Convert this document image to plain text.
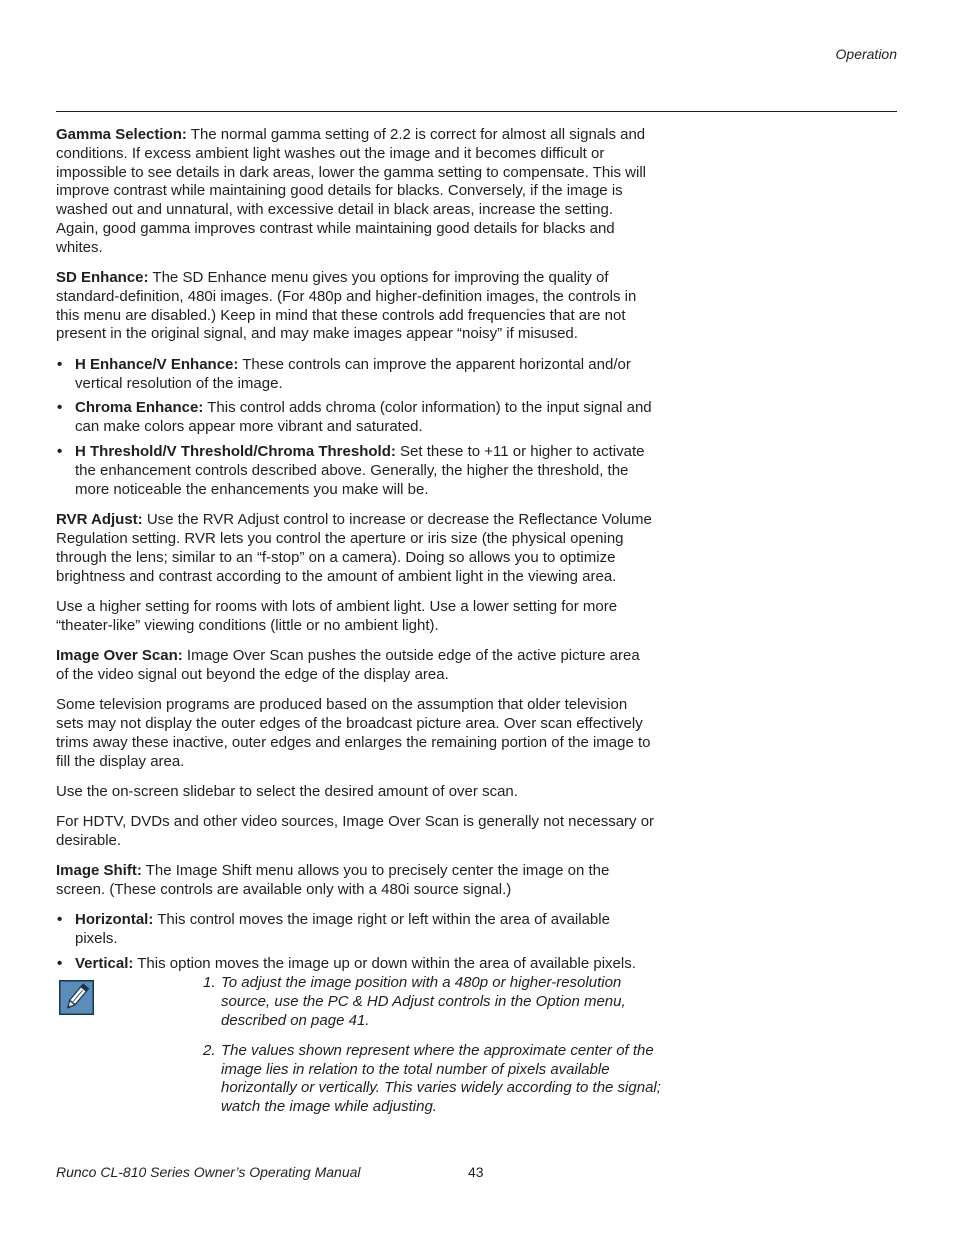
Operation

Gamma Selection: The normal gamma setting of 2.2 is correct for almost all signals and conditions. If excess ambient light washes out the image and it becomes difficult or impossible to see details in dark areas, lower the gamma setting to compensate. This will improve contrast while maintaining good details for blacks. Conversely, if the image is washed out and unnatural, with excessive detail in black areas, increase the setting. Again, good gamma improves contrast while maintaining good details for blacks and whites.

SD Enhance: The SD Enhance menu gives you options for improving the quality of standard-definition, 480i images. (For 480p and higher-definition images, the controls in this menu are disabled.) Keep in mind that these controls add frequencies that are not present in the original signal, and may make images appear “noisy” if misused.

• H Enhance/V Enhance: These controls can improve the apparent horizontal and/or vertical resolution of the image.
• Chroma Enhance: This control adds chroma (color information) to the input signal and can make colors appear more vibrant and saturated.
• H Threshold/V Threshold/Chroma Threshold: Set these to +11 or higher to activate the enhancement controls described above. Generally, the higher the threshold, the more noticeable the enhancements you make will be.

RVR Adjust: Use the RVR Adjust control to increase or decrease the Reflectance Volume Regulation setting. RVR lets you control the aperture or iris size (the physical opening through the lens; similar to an “f-stop” on a camera). Doing so allows you to optimize brightness and contrast according to the amount of ambient light in the viewing area.

Use a higher setting for rooms with lots of ambient light. Use a lower setting for more “theater-like” viewing conditions (little or no ambient light).

Image Over Scan: Image Over Scan pushes the outside edge of the active picture area of the video signal out beyond the edge of the display area.

Some television programs are produced based on the assumption that older television sets may not display the outer edges of the broadcast picture area. Over scan effectively trims away these inactive, outer edges and enlarges the remaining portion of the image to fill the display area.

Use the on-screen slidebar to select the desired amount of over scan.

For HDTV, DVDs and other video sources, Image Over Scan is generally not necessary or desirable.

Image Shift: The Image Shift menu allows you to precisely center the image on the screen. (These controls are available only with a 480i source signal.)

• Horizontal: This control moves the image right or left within the area of available pixels.
• Vertical: This option moves the image up or down within the area of available pixels.
1. To adjust the image position with a 480p or higher-resolution source, use the PC & HD Adjust controls in the Option menu, described on page 41.
2. The values shown represent where the approximate center of the image lies in relation to the total number of pixels available horizontally or vertically. This varies widely according to the signal; watch the image while adjusting.
Runco CL-810 Series Owner’s Operating Manual	43
